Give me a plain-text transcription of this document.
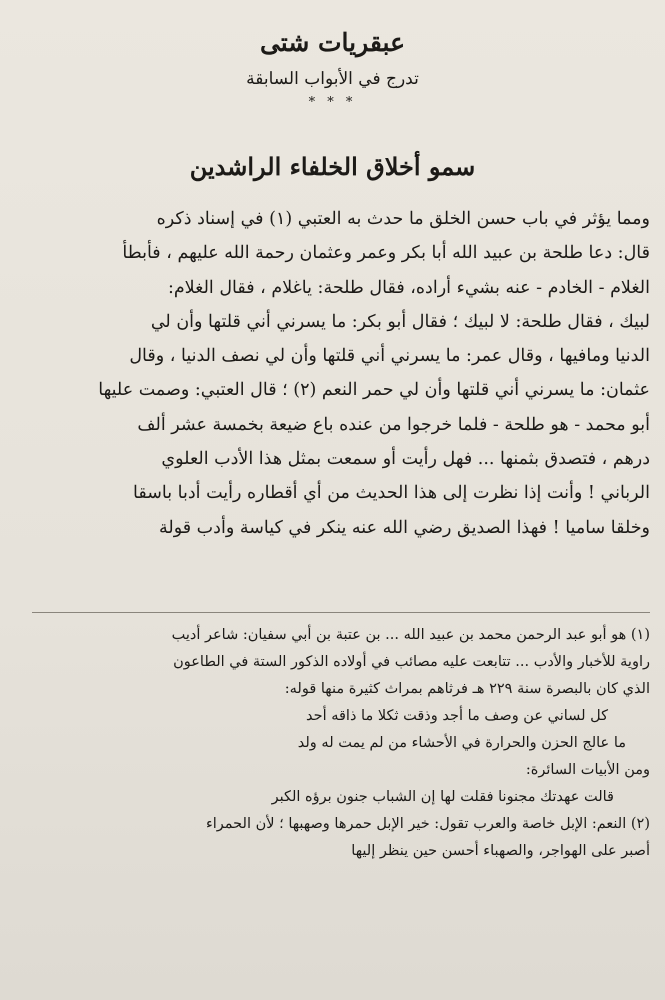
عبقريات شتى
تدرج في الأبواب السابقة
* * *
سمو أخلاق الخلفاء الراشدين
ومما يؤثر في باب حسن الخلق ما حدث به العتبي (١) في إسناد ذكره
قال: دعا طلحة بن عبيد الله أبا بكر وعمر وعثمان رحمة الله عليهم ، فأبطأ
الغلام - الخادم - عنه بشيء أراده، فقال طلحة: ياغلام ، فقال الغلام:
لبيك ، فقال طلحة: لا لبيك ؛ فقال أبو بكر: ما يسرني أني قلتها وأن لي
الدنيا ومافيها ، وقال عمر: ما يسرني أني قلتها وأن لي نصف الدنيا ، وقال
عثمان: ما يسرني أني قلتها وأن لي حمر النعم (٢) ؛ قال العتبي: وصمت عليها
أبو محمد - هو طلحة - فلما خرجوا من عنده باع ضيعة بخمسة عشر ألف
درهم ، فتصدق بثمنها ... فهل رأيت أو سمعت بمثل هذا الأدب العلوي
الرباني ! وأنت إذا نظرت إلى هذا الحديث من أي أقطاره رأيت أدبا باسقا
وخلقا ساميا ! فهذا الصديق رضي الله عنه ينكر في كياسة وأدب قولة
(١) هو أبو عبد الرحمن محمد بن عبيد الله ... بن عتبة بن أبي سفيان: شاعر أديب
راوية للأخبار والأدب ... تتابعت عليه مصائب في أولاده الذكور الستة في الطاعون
الذي كان بالبصرة سنة ٢٢٩ هـ فرثاهم بمراث كثيرة منها قوله:
كل لساني عن وصف ما أجد وذقت ثكلا ما ذاقه أحد
ما عالج الحزن والحرارة في الأحشاء من لم يمت له ولد
ومن الأبيات السائرة:
قالت عهدتك مجنونا فقلت لها إن الشباب جنون برؤه الكبر
(٢) النعم: الإبل خاصة والعرب تقول: خير الإبل حمرها وصهبها ؛ لأن الحمراء
أصبر على الهواجر، والصهباء أحسن حين ينظر إليها
